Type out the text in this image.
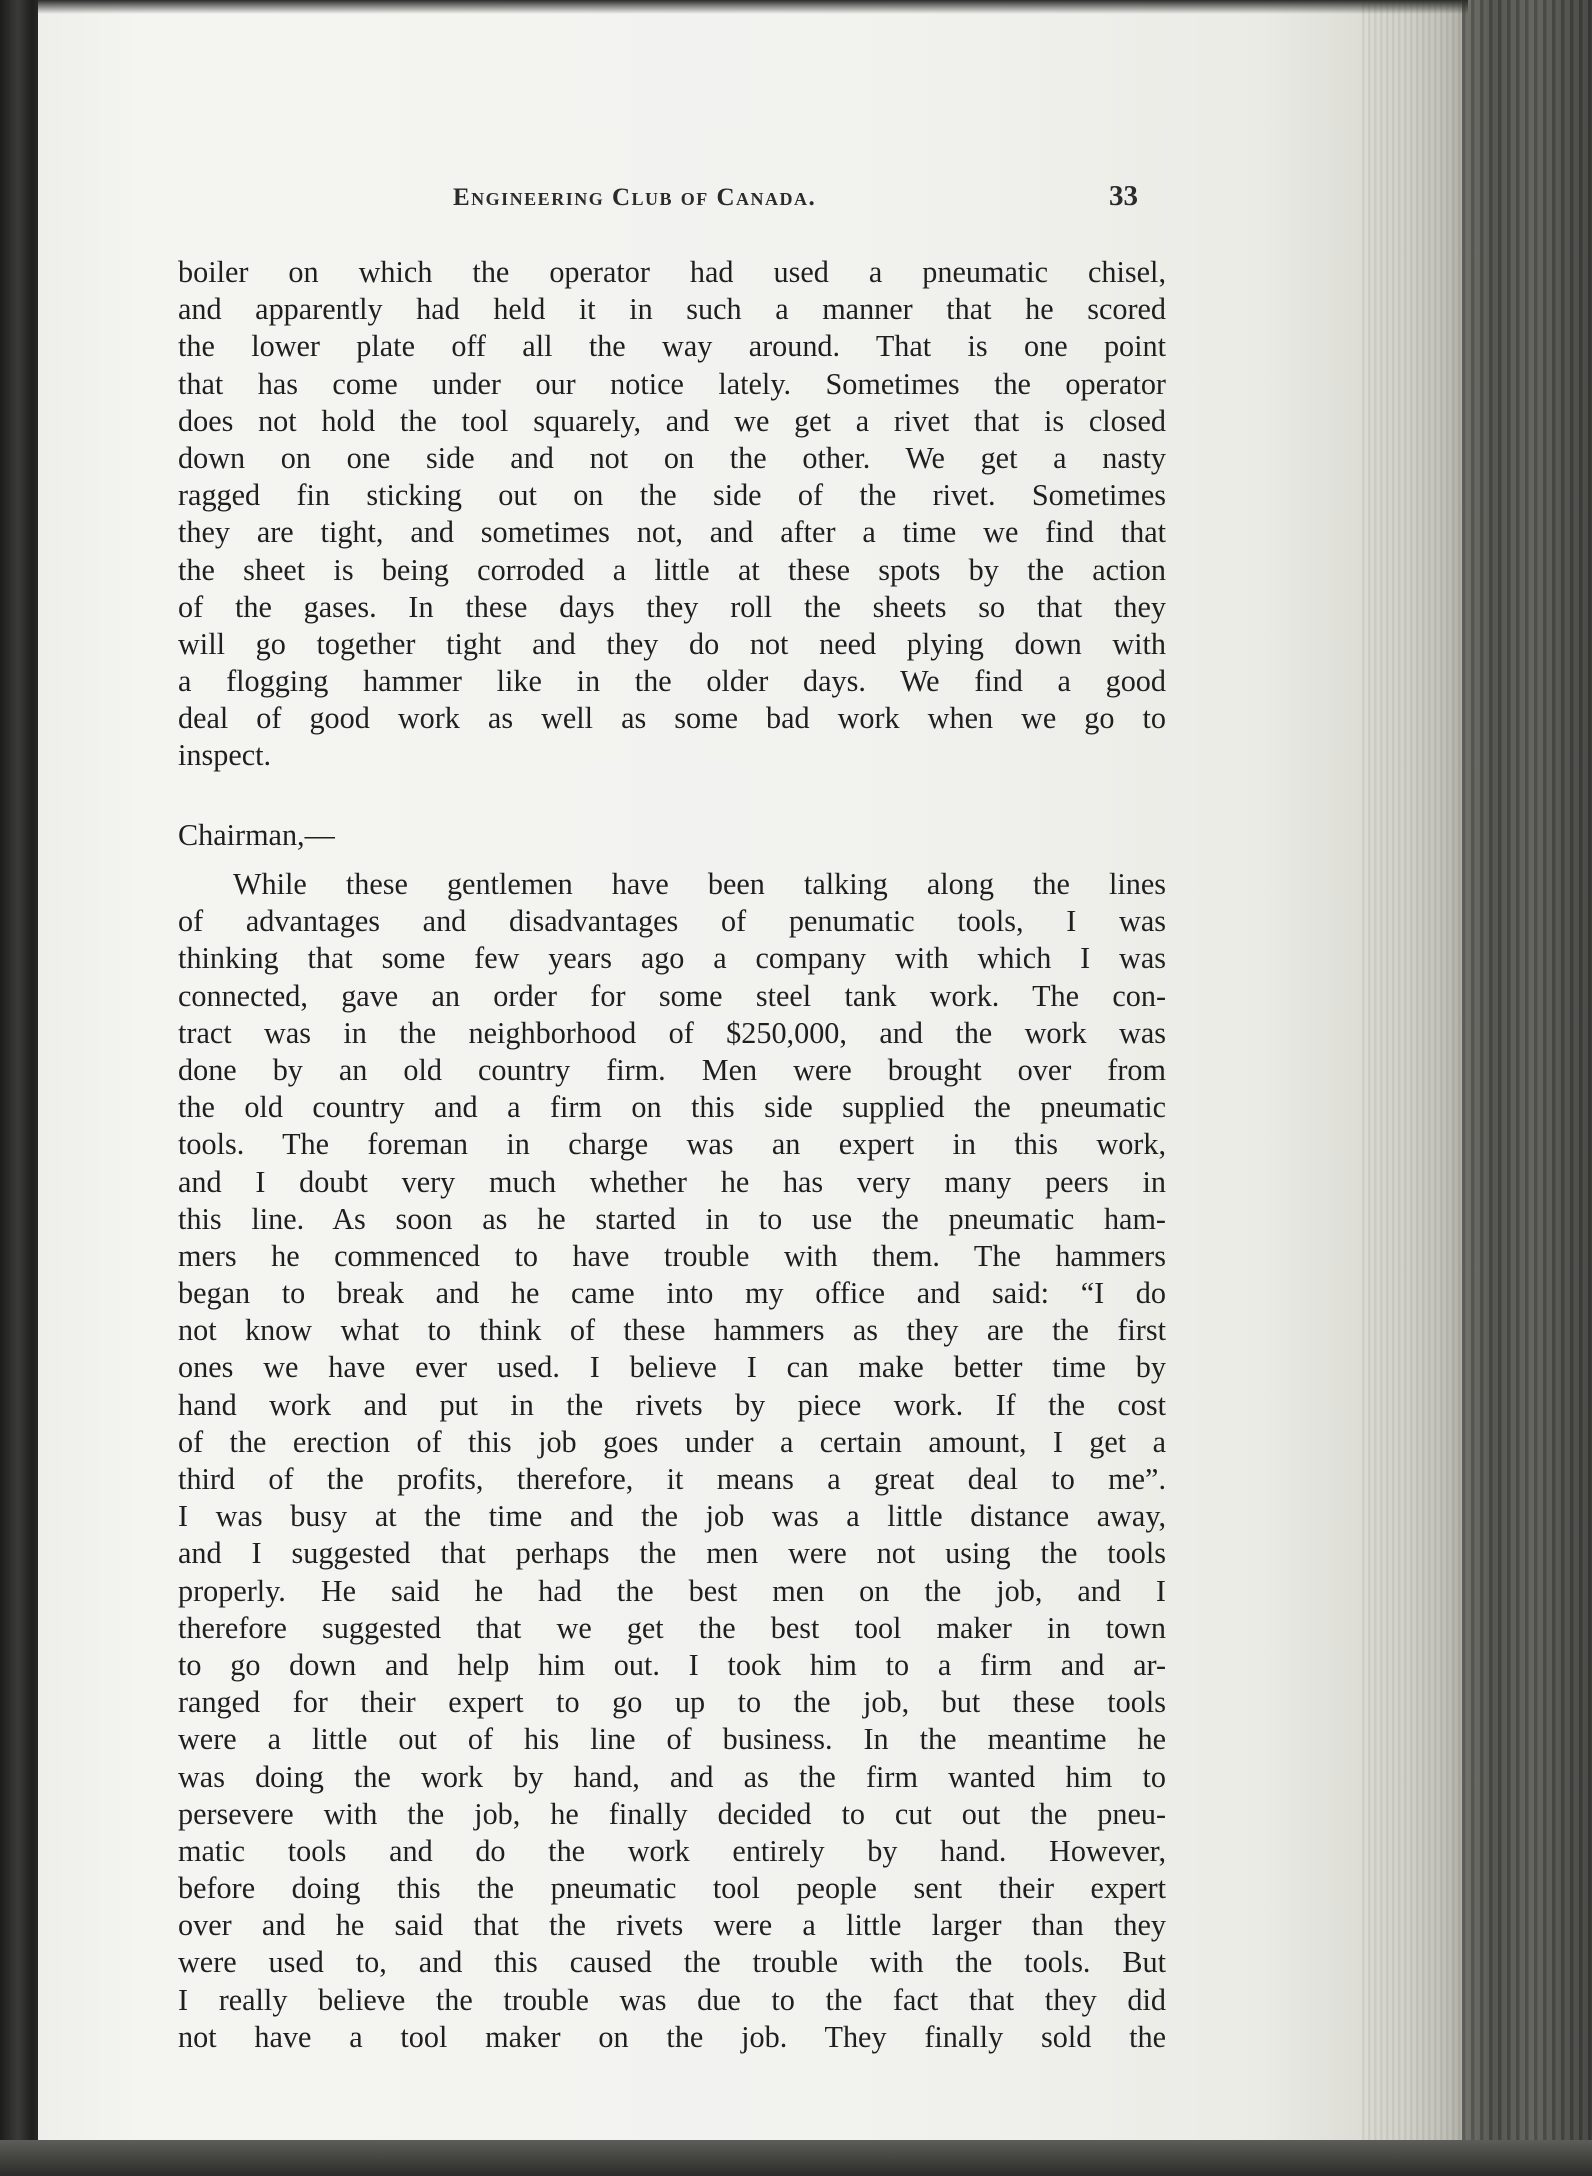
Engineering Club of Canada.	33
boiler on which the operator had used a pneumatic chisel,
and apparently had held it in such a manner that he scored
the lower plate off all the way around. That is one point
that has come under our notice lately. Sometimes the operator
does not hold the tool squarely, and we get a rivet that is closed
down on one side and not on the other. We get a nasty
ragged fin sticking out on the side of the rivet. Sometimes
they are tight, and sometimes not, and after a time we find that
the sheet is being corroded a little at these spots by the action
of the gases. In these days they roll the sheets so that they
will go together tight and they do not need plying down with
a flogging hammer like in the older days. We find a good
deal of good work as well as some bad work when we go to
inspect.
Chairman,—
While these gentlemen have been talking along the lines
of advantages and disadvantages of penumatic tools, I was
thinking that some few years ago a company with which I was
connected, gave an order for some steel tank work. The con-
tract was in the neighborhood of $250,000, and the work was
done by an old country firm. Men were brought over from
the old country and a firm on this side supplied the pneumatic
tools. The foreman in charge was an expert in this work,
and I doubt very much whether he has very many peers in
this line. As soon as he started in to use the pneumatic ham-
mers he commenced to have trouble with them. The hammers
began to break and he came into my office and said: “I do
not know what to think of these hammers as they are the first
ones we have ever used. I believe I can make better time by
hand work and put in the rivets by piece work. If the cost
of the erection of this job goes under a certain amount, I get a
third of the profits, therefore, it means a great deal to me”.
I was busy at the time and the job was a little distance away,
and I suggested that perhaps the men were not using the tools
properly. He said he had the best men on the job, and I
therefore suggested that we get the best tool maker in town
to go down and help him out. I took him to a firm and ar-
ranged for their expert to go up to the job, but these tools
were a little out of his line of business. In the meantime he
was doing the work by hand, and as the firm wanted him to
persevere with the job, he finally decided to cut out the pneu-
matic tools and do the work entirely by hand. However,
before doing this the pneumatic tool people sent their expert
over and he said that the rivets were a little larger than they
were used to, and this caused the trouble with the tools. But
I really believe the trouble was due to the fact that they did
not have a tool maker on the job. They finally sold the
